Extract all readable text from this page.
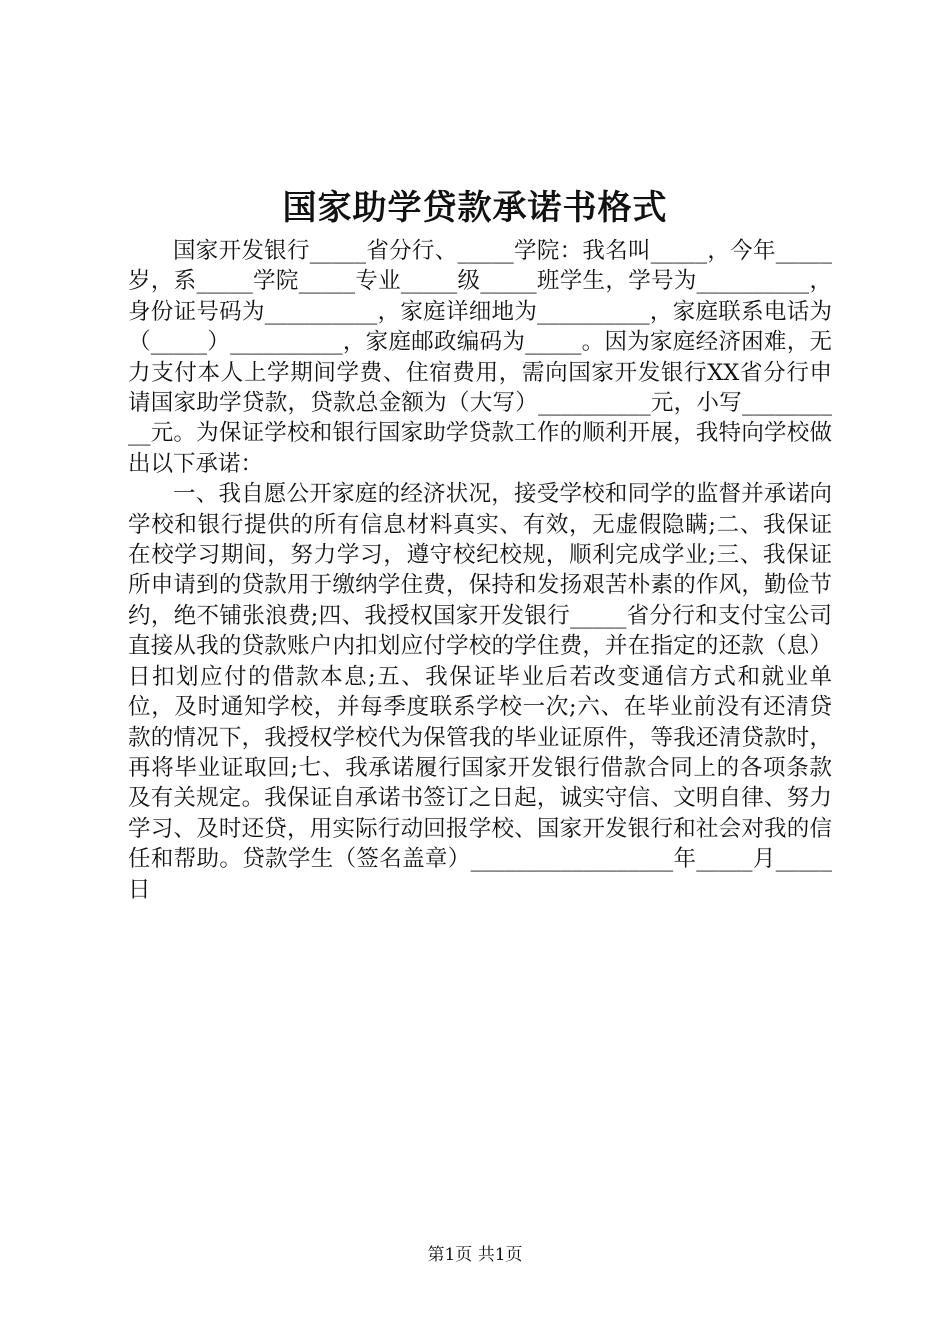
国家助学贷款承诺书格式

国家开发银行_____省分行、_____学院：我名叫_____，今年_____岁，系_____学院_____专业_____级_____班学生，学号为__________，身份证号码为__________，家庭详细地为__________，家庭联系电话为（_____）__________，家庭邮政编码为_____。因为家庭经济困难，无力支付本人上学期间学费、住宿费用，需向国家开发银行XX省分行申请国家助学贷款，贷款总金额为（大写）__________元，小写__________元。为保证学校和银行国家助学贷款工作的顺利开展，我特向学校做出以下承诺：

一、我自愿公开家庭的经济状况，接受学校和同学的监督并承诺向学校和银行提供的所有信息材料真实、有效，无虚假隐瞒;二、我保证在校学习期间，努力学习，遵守校纪校规，顺利完成学业;三、我保证所申请到的贷款用于缴纳学住费，保持和发扬艰苦朴素的作风，勤俭节约，绝不铺张浪费;四、我授权国家开发银行_____省分行和支付宝公司直接从我的贷款账户内扣划应付学校的学住费，并在指定的还款（息）日扣划应付的借款本息;五、我保证毕业后若改变通信方式和就业单位，及时通知学校，并每季度联系学校一次;六、在毕业前没有还清贷款的情况下，我授权学校代为保管我的毕业证原件，等我还清贷款时，再将毕业证取回;七、我承诺履行国家开发银行借款合同上的各项条款及有关规定。我保证自承诺书签订之日起，诚实守信、文明自律、努力学习、及时还贷，用实际行动回报学校、国家开发银行和社会对我的信任和帮助。贷款学生（签名盖章）__________________年_____月_____日

第1页 共1页
